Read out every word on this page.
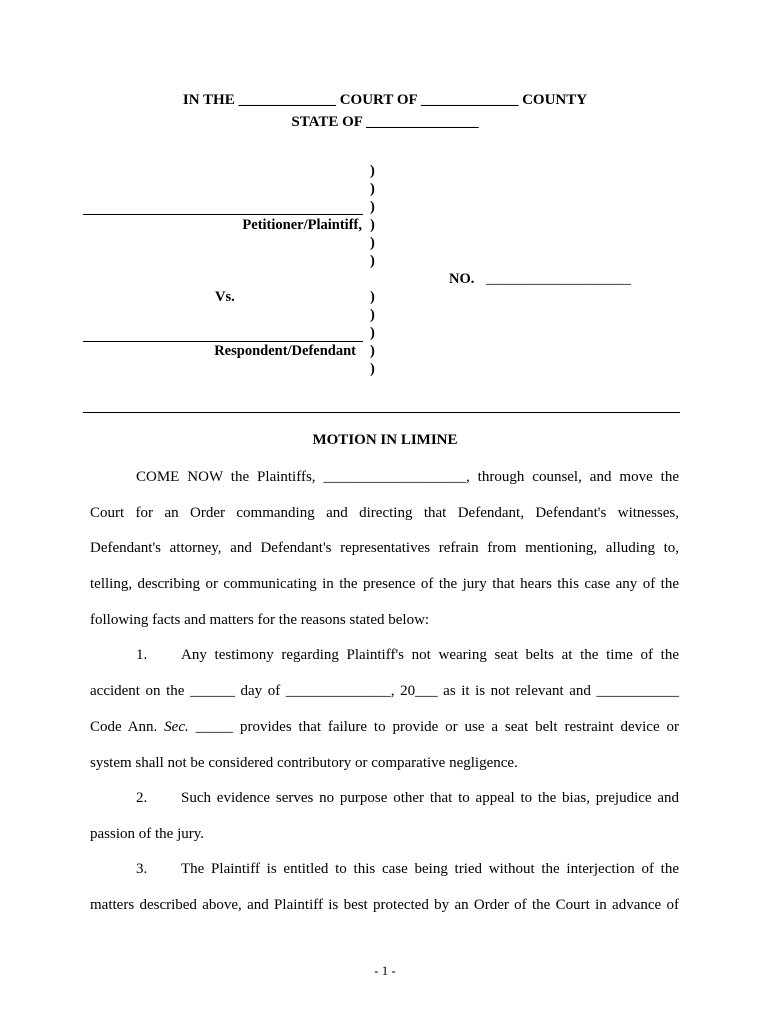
IN THE _____________ COURT OF _____________ COUNTY
STATE OF _______________
)
)
)
)
)
)
)
)
)
)
)
Petitioner/Plaintiff,
Vs.
Respondent/Defendant
NO. ____________________
MOTION IN LIMINE
COME NOW the Plaintiffs, ___________________, through counsel, and move the
Court for an Order commanding and directing that Defendant, Defendant's witnesses,
Defendant's attorney, and Defendant's representatives refrain from mentioning, alluding to,
telling, describing or communicating in the presence of the jury that hears this case any of the
following facts and matters for the reasons stated below:
1. Any testimony regarding Plaintiff's not wearing seat belts at the time of the
accident on the ______ day of ______________, 20___ as it is not relevant and ___________
Code Ann. Sec. _____ provides that failure to provide or use a seat belt restraint device or
system shall not be considered contributory or comparative negligence.
2. Such evidence serves no purpose other that to appeal to the bias, prejudice and
passion of the jury.
3. The Plaintiff is entitled to this case being tried without the interjection of the
matters described above, and Plaintiff is best protected by an Order of the Court in advance of
- 1 -
